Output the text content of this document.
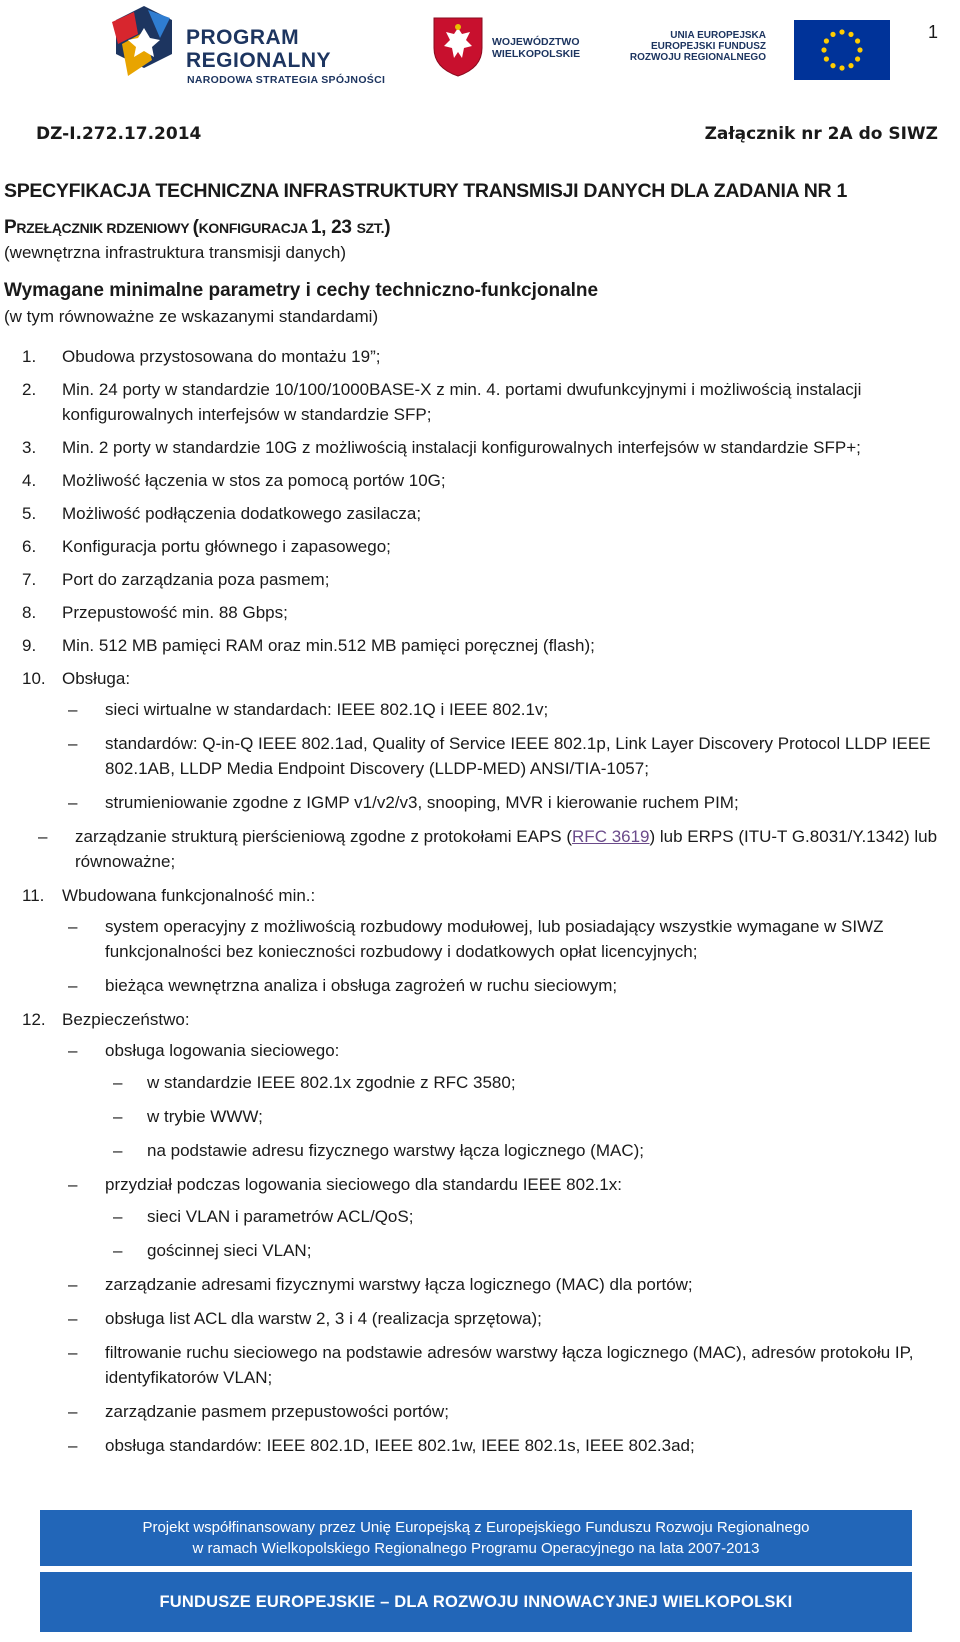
1
PROGRAM
REGIONALNY
NARODOWA STRATEGIA SPÓJNOŚCI
WOJEWÓDZTWO
WIELKOPOLSKIE
UNIA EUROPEJSKA
EUROPEJSKI FUNDUSZ
ROZWOJU REGIONALNEGO
DZ-I.272.17.2014	Załącznik nr 2A do SIWZ
SPECYFIKACJA TECHNICZNA INFRASTRUKTURY TRANSMISJI DANYCH DLA ZADANIA NR 1
PRZEŁĄCZNIK RDZENIOWY (KONFIGURACJA 1, 23 SZT.)
(wewnętrzna infrastruktura transmisji danych)
Wymagane minimalne parametry i cechy techniczno-funkcjonalne
(w tym równoważne ze wskazanymi standardami)
1. Obudowa przystosowana do montażu 19”;
2. Min. 24 porty w standardzie 10/100/1000BASE-X z min. 4. portami dwufunkcyjnymi i możliwością instalacji konfigurowalnych interfejsów w standardzie SFP;
3. Min. 2 porty w standardzie 10G z możliwością instalacji konfigurowalnych interfejsów w standardzie SFP+;
4. Możliwość łączenia w stos za pomocą portów 10G;
5. Możliwość podłączenia dodatkowego zasilacza;
6. Konfiguracja portu głównego i zapasowego;
7. Port do zarządzania poza pasmem;
8. Przepustowość min. 88 Gbps;
9. Min. 512 MB pamięci RAM oraz min.512 MB pamięci poręcznej (flash);
10. Obsługa:
– sieci wirtualne w standardach: IEEE 802.1Q i IEEE 802.1v;
– standardów: Q-in-Q IEEE 802.1ad, Quality of Service IEEE 802.1p, Link Layer Discovery Protocol LLDP IEEE 802.1AB, LLDP Media Endpoint Discovery (LLDP-MED) ANSI/TIA-1057;
– strumieniowanie zgodne z IGMP v1/v2/v3, snooping, MVR i kierowanie ruchem PIM;
– zarządzanie strukturą pierścieniową zgodne z protokołami EAPS (RFC 3619) lub ERPS (ITU-T G.8031/Y.1342) lub równoważne;
11. Wbudowana funkcjonalność min.:
– system operacyjny z możliwością rozbudowy modułowej, lub posiadający wszystkie wymagane w SIWZ funkcjonalności bez konieczności rozbudowy i dodatkowych opłat licencyjnych;
– bieżąca wewnętrzna analiza i obsługa zagrożeń w ruchu sieciowym;
12. Bezpieczeństwo:
– obsługa logowania sieciowego:
– w standardzie IEEE 802.1x zgodnie z RFC 3580;
– w trybie WWW;
– na podstawie adresu fizycznego warstwy łącza logicznego (MAC);
– przydział podczas logowania sieciowego dla standardu IEEE 802.1x:
– sieci VLAN i parametrów ACL/QoS;
– gościnnej sieci VLAN;
– zarządzanie adresami fizycznymi warstwy łącza logicznego (MAC) dla portów;
– obsługa list ACL dla warstw 2, 3 i 4 (realizacja sprzętowa);
– filtrowanie ruchu sieciowego na podstawie adresów warstwy łącza logicznego (MAC), adresów protokołu IP, identyfikatorów VLAN;
– zarządzanie pasmem przepustowości portów;
– obsługa standardów: IEEE 802.1D, IEEE 802.1w, IEEE 802.1s, IEEE 802.3ad;
Projekt współfinansowany przez Unię Europejską z Europejskiego Funduszu Rozwoju Regionalnego
w ramach Wielkopolskiego Regionalnego Programu Operacyjnego na lata 2007-2013
FUNDUSZE EUROPEJSKIE – DLA ROZWOJU INNOWACYJNEJ WIELKOPOLSKI
